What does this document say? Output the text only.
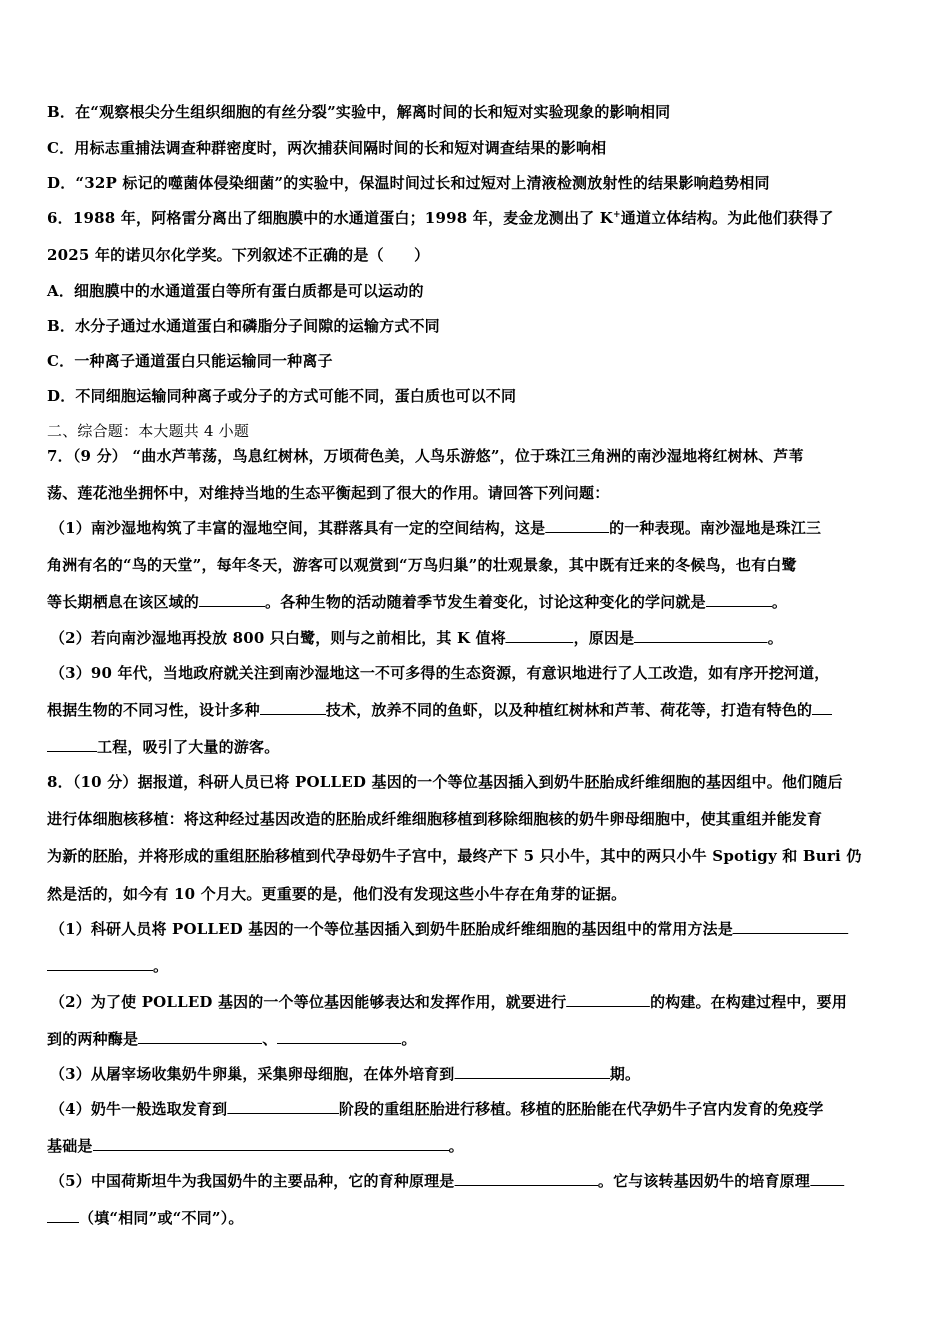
B．在“观察根尖分生组织细胞的有丝分裂”实验中，解离时间的长和短对实验现象的影响相同
C．用标志重捕法调查种群密度时，两次捕获间隔时间的长和短对调查结果的影响相
D．“32P 标记的噬菌体侵染细菌”的实验中，保温时间过长和过短对上清液检测放射性的结果影响趋势相同
6．1988 年，阿格雷分离出了细胞膜中的水通道蛋白；1998 年，麦金龙测出了 K+通道立体结构。为此他们获得了
2025 年的诺贝尔化学奖。下列叙述不正确的是（　　）
A．细胞膜中的水通道蛋白等所有蛋白质都是可以运动的
B．水分子通过水通道蛋白和磷脂分子间隙的运输方式不同
C．一种离子通道蛋白只能运输同一种离子
D．不同细胞运输同种离子或分子的方式可能不同，蛋白质也可以不同
二、综合题：本大题共 4 小题
7．（9 分） “曲水芦苇荡，鸟息红树林，万顷荷色美，人鸟乐游悠”，位于珠江三角洲的南沙湿地将红树林、芦苇
荡、莲花池坐拥怀中，对维持当地的生态平衡起到了很大的作用。请回答下列问题：
（1）南沙湿地构筑了丰富的湿地空间，其群落具有一定的空间结构，这是	的一种表现。南沙湿地是珠江三
角洲有名的“鸟的天堂”，每年冬天，游客可以观赏到“万鸟归巢”的壮观景象，其中既有迁来的冬候鸟，也有白鹭
等长期栖息在该区域的	。各种生物的活动随着季节发生着变化，讨论这种变化的学问就是	。
（2）若向南沙湿地再投放 800 只白鹭，则与之前相比，其 K 值将	，原因是	。
（3）90 年代，当地政府就关注到南沙湿地这一不可多得的生态资源，有意识地进行了人工改造，如有序开挖河道，
根据生物的不同习性，设计多种	技术，放养不同的鱼虾，以及种植红树林和芦苇、荷花等，打造有特色的
工程，吸引了大量的游客。
8．（10 分）据报道，科研人员已将 POLLED 基因的一个等位基因插入到奶牛胚胎成纤维细胞的基因组中。他们随后
进行体细胞核移植：将这种经过基因改造的胚胎成纤维细胞移植到移除细胞核的奶牛卵母细胞中，使其重组并能发育
为新的胚胎，并将形成的重组胚胎移植到代孕母奶牛子宫中，最终产下 5 只小牛，其中的两只小牛 Spotigy 和 Buri 仍
然是活的，如今有 10 个月大。更重要的是，他们没有发现这些小牛存在角芽的证据。
（1）科研人员将 POLLED 基因的一个等位基因插入到奶牛胚胎成纤维细胞的基因组中的常用方法是
。
（2）为了使 POLLED 基因的一个等位基因能够表达和发挥作用，就要进行	的构建。在构建过程中，要用
到的两种酶是	、	。
（3）从屠宰场收集奶牛卵巢，采集卵母细胞，在体外培育到	期。
（4）奶牛一般选取发育到	阶段的重组胚胎进行移植。移植的胚胎能在代孕奶牛子宫内发育的免疫学
基础是	。
（5）中国荷斯坦牛为我国奶牛的主要品种，它的育种原理是	。它与该转基因奶牛的培育原理
（填“相同”或“不同”）。
